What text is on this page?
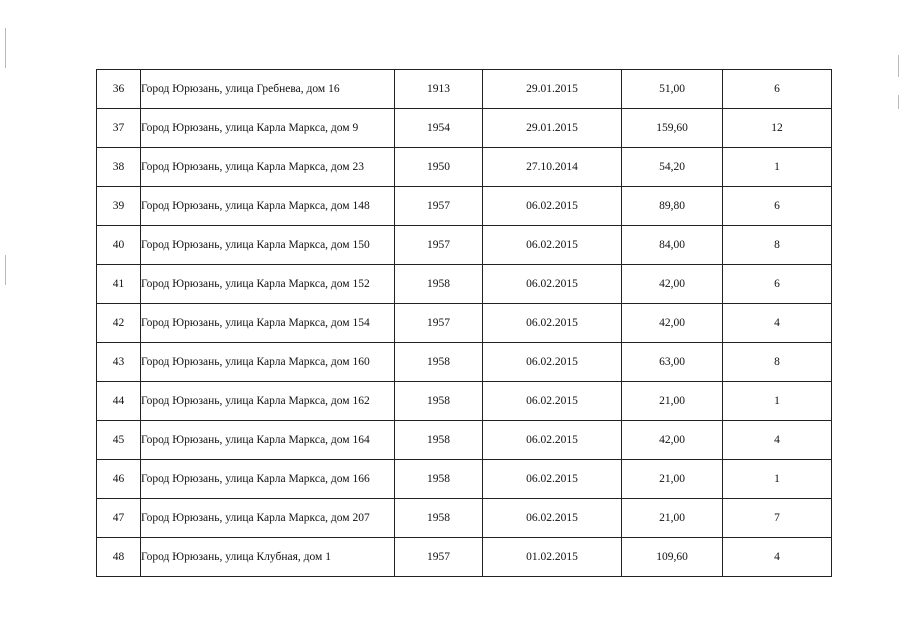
36	Город Юрюзань, улица Гребнева, дом 16	1913	29.01.2015	51,00	6
37	Город Юрюзань, улица Карла Маркса, дом 9	1954	29.01.2015	159,60	12
38	Город Юрюзань, улица Карла Маркса, дом 23	1950	27.10.2014	54,20	1
39	Город Юрюзань, улица Карла Маркса, дом 148	1957	06.02.2015	89,80	6
40	Город Юрюзань, улица Карла Маркса, дом 150	1957	06.02.2015	84,00	8
41	Город Юрюзань, улица Карла Маркса, дом 152	1958	06.02.2015	42,00	6
42	Город Юрюзань, улица Карла Маркса, дом 154	1957	06.02.2015	42,00	4
43	Город Юрюзань, улица Карла Маркса, дом 160	1958	06.02.2015	63,00	8
44	Город Юрюзань, улица Карла Маркса, дом 162	1958	06.02.2015	21,00	1
45	Город Юрюзань, улица Карла Маркса, дом 164	1958	06.02.2015	42,00	4
46	Город Юрюзань, улица Карла Маркса, дом 166	1958	06.02.2015	21,00	1
47	Город Юрюзань, улица Карла Маркса, дом 207	1958	06.02.2015	21,00	7
48	Город Юрюзань, улица Клубная, дом 1	1957	01.02.2015	109,60	4
